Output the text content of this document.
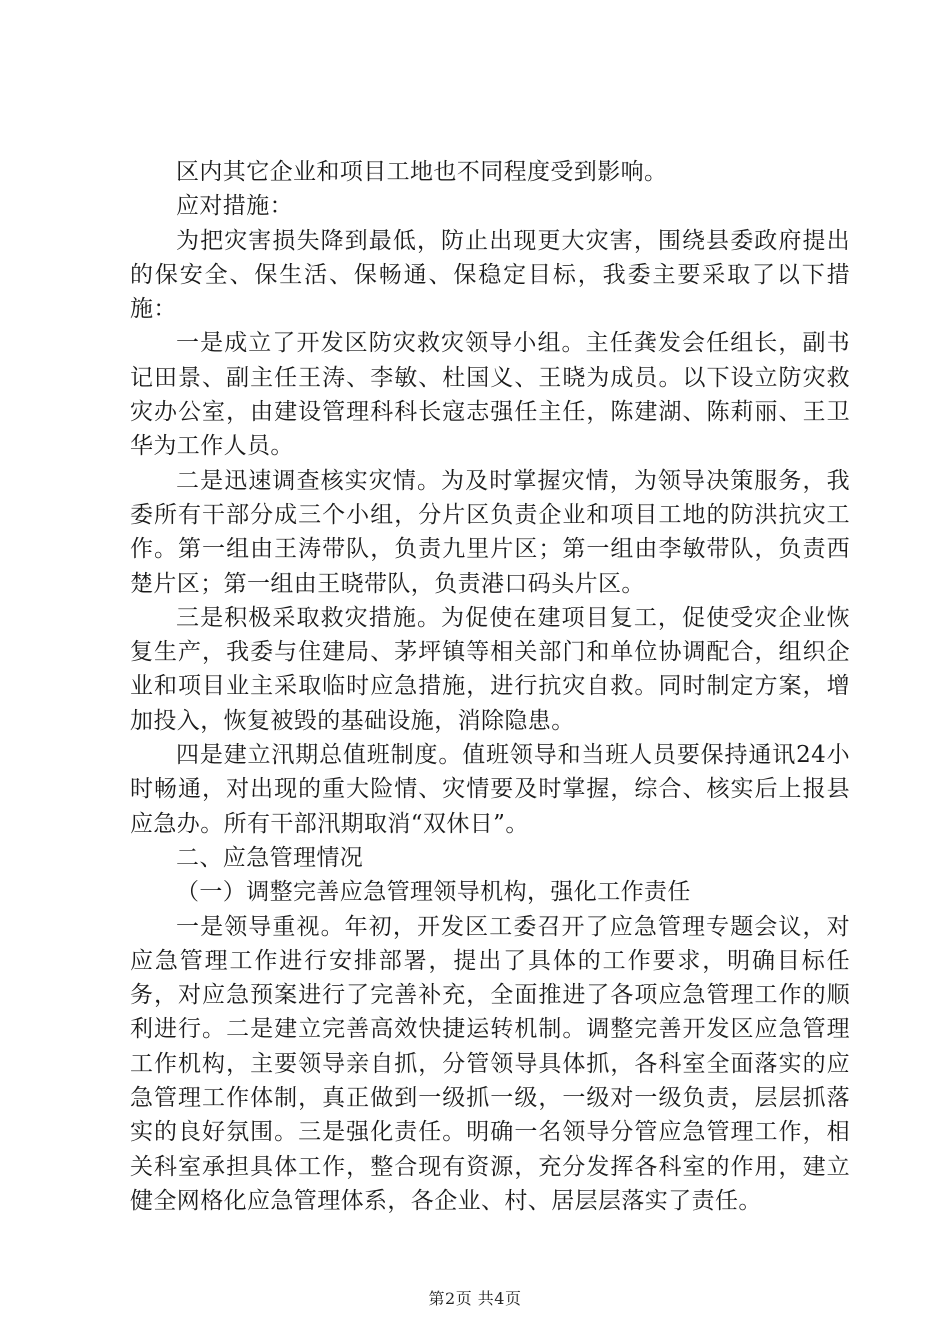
区内其它企业和项目工地也不同程度受到影响。

应对措施：

为把灾害损失降到最低，防止出现更大灾害，围绕县委政府提出的保安全、保生活、保畅通、保稳定目标，我委主要采取了以下措施：

一是成立了开发区防灾救灾领导小组。主任龚发会任组长，副书记田景、副主任王涛、李敏、杜国义、王晓为成员。以下设立防灾救灾办公室，由建设管理科科长寇志强任主任，陈建湖、陈莉丽、王卫华为工作人员。

二是迅速调查核实灾情。为及时掌握灾情，为领导决策服务，我委所有干部分成三个小组，分片区负责企业和项目工地的防洪抗灾工作。第一组由王涛带队，负责九里片区；第一组由李敏带队，负责西楚片区；第一组由王晓带队，负责港口码头片区。

三是积极采取救灾措施。为促使在建项目复工，促使受灾企业恢复生产，我委与住建局、茅坪镇等相关部门和单位协调配合，组织企业和项目业主采取临时应急措施，进行抗灾自救。同时制定方案，增加投入，恢复被毁的基础设施，消除隐患。

四是建立汛期总值班制度。值班领导和当班人员要保持通讯24小时畅通，对出现的重大险情、灾情要及时掌握，综合、核实后上报县应急办。所有干部汛期取消“双休日”。

二、应急管理情况

（一）调整完善应急管理领导机构，强化工作责任

一是领导重视。年初，开发区工委召开了应急管理专题会议，对应急管理工作进行安排部署，提出了具体的工作要求，明确目标任务，对应急预案进行了完善补充，全面推进了各项应急管理工作的顺利进行。二是建立完善高效快捷运转机制。调整完善开发区应急管理工作机构，主要领导亲自抓，分管领导具体抓，各科室全面落实的应急管理工作体制，真正做到一级抓一级，一级对一级负责，层层抓落实的良好氛围。三是强化责任。明确一名领导分管应急管理工作，相关科室承担具体工作，整合现有资源，充分发挥各科室的作用，建立健全网格化应急管理体系，各企业、村、居层层落实了责任。

第2页 共4页
